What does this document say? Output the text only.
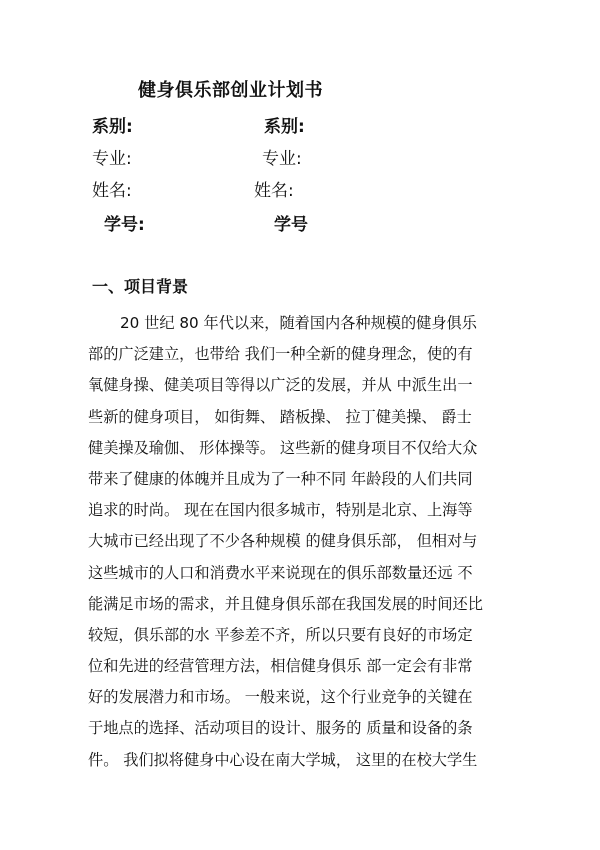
健身俱乐部创业计划书
系别:	系别:
专业:	专业:
姓名:	姓名:
学号:	学号
一、项目背景
20 世纪 80 年代以来，随着国内各种规模的健身俱乐
部的广泛建立，也带给 我们一种全新的健身理念，使的有
氧健身操、健美项目等得以广泛的发展，并从 中派生出一
些新的健身项目， 如街舞、 踏板操、 拉丁健美操、 爵士
健美操及瑜伽、 形体操等。 这些新的健身项目不仅给大众
带来了健康的体魄并且成为了一种不同 年龄段的人们共同
追求的时尚。 现在在国内很多城市，特别是北京、上海等
大城市已经出现了不少各种规模 的健身俱乐部， 但相对与
这些城市的人口和消费水平来说现在的俱乐部数量还远 不
能满足市场的需求，并且健身俱乐部在我国发展的时间还比
较短，俱乐部的水 平参差不齐，所以只要有良好的市场定
位和先进的经营管理方法，相信健身俱乐 部一定会有非常
好的发展潜力和市场。 一般来说，这个行业竞争的关键在
于地点的选择、活动项目的设计、服务的 质量和设备的条
件。 我们拟将健身中心设在南大学城， 这里的在校大学生
